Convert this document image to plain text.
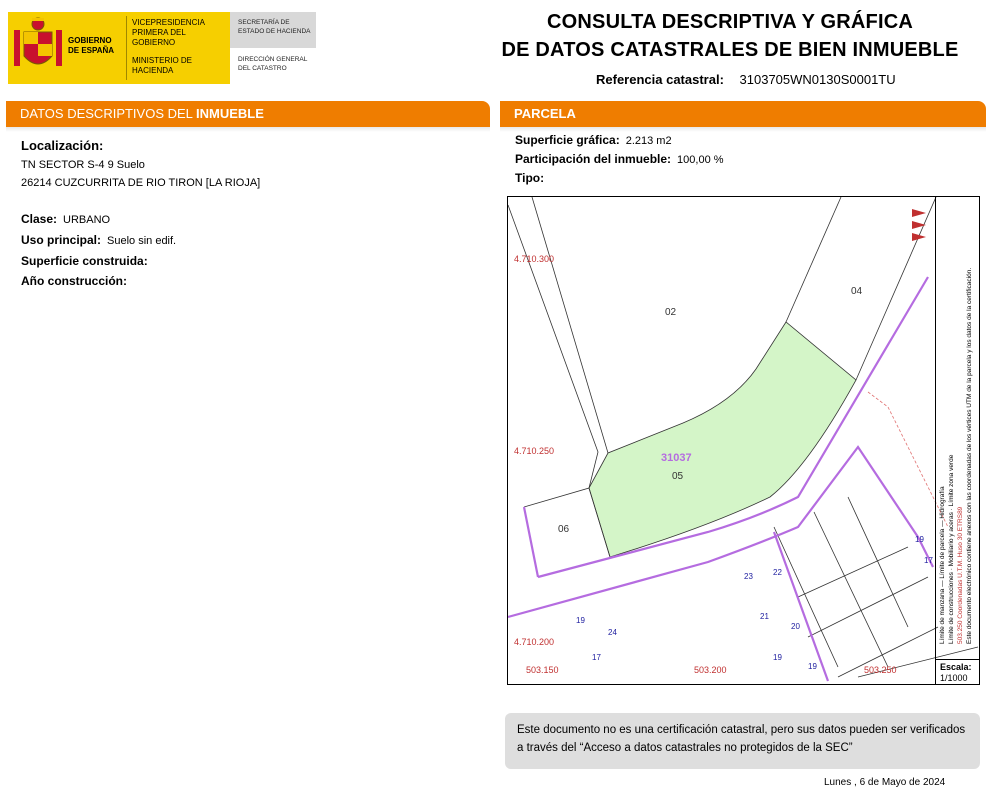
GOBIERNO DE ESPAÑA
VICEPRESIDENCIA PRIMERA DEL GOBIERNO
MINISTERIO DE HACIENDA
SECRETARÍA DE ESTADO DE HACIENDA
DIRECCIÓN GENERAL DEL CATASTRO
CONSULTA DESCRIPTIVA Y GRÁFICA
DE DATOS CATASTRALES DE BIEN INMUEBLE
Referencia catastral: 3103705WN0130S0001TU
DATOS DESCRIPTIVOS DEL INMUEBLE
Localización:
TN SECTOR S-4 9 Suelo
26214 CUZCURRITA DE RIO TIRON [LA RIOJA]
Clase: URBANO
Uso principal: Suelo sin edif.
Superficie construida:
Año construcción:
PARCELA
Superficie gráfica: 2.213 m2
Participación del inmueble: 100,00 %
Tipo:
4.710.300
4.710.250
4.710.200
503.150	503.200	503.250
02
04
05
06
31037
23	22
21
20
19
19
24
17
19
19
17
Límite de manzana — Límite de parcela — Hidrografía
Límite de construcciones · Mobiliario y aceras · Límite zona verde
503.250 Coordenadas U.T.M. Huso 30 ETRS89 Este documento electrónico contiene anexos con las coordenadas de los vértices UTM de la parcela y los datos de la certificación.
Escala:
1/1000
Este documento no es una certificación catastral, pero sus datos pueden ser verificados a través del “Acceso a datos catastrales no protegidos de la SEC”
Lunes , 6 de Mayo de 2024
